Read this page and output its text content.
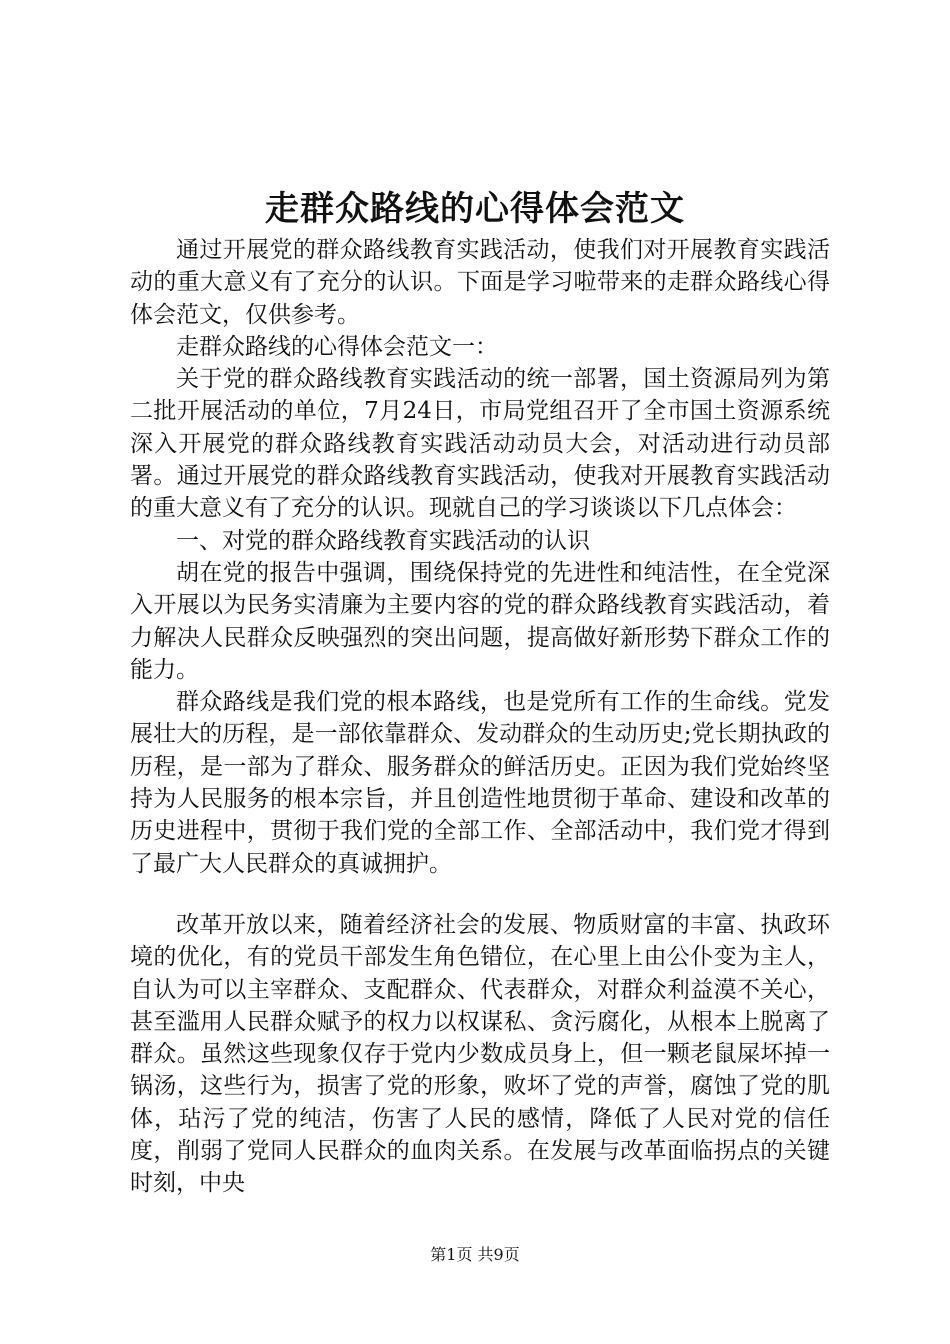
走群众路线的心得体会范文

通过开展党的群众路线教育实践活动，使我们对开展教育实践活动的重大意义有了充分的认识。下面是学习啦带来的走群众路线心得体会范文，仅供参考。

走群众路线的心得体会范文一：

关于党的群众路线教育实践活动的统一部署，国土资源局列为第二批开展活动的单位，7月24日，市局党组召开了全市国土资源系统深入开展党的群众路线教育实践活动动员大会，对活动进行动员部署。通过开展党的群众路线教育实践活动，使我对开展教育实践活动的重大意义有了充分的认识。现就自己的学习谈谈以下几点体会：

一、对党的群众路线教育实践活动的认识

胡在党的报告中强调，围绕保持党的先进性和纯洁性，在全党深入开展以为民务实清廉为主要内容的党的群众路线教育实践活动，着力解决人民群众反映强烈的突出问题，提高做好新形势下群众工作的能力。

群众路线是我们党的根本路线，也是党所有工作的生命线。党发展壮大的历程，是一部依靠群众、发动群众的生动历史;党长期执政的历程，是一部为了群众、服务群众的鲜活历史。正因为我们党始终坚持为人民服务的根本宗旨，并且创造性地贯彻于革命、建设和改革的历史进程中，贯彻于我们党的全部工作、全部活动中，我们党才得到了最广大人民群众的真诚拥护。

改革开放以来，随着经济社会的发展、物质财富的丰富、执政环境的优化，有的党员干部发生角色错位，在心里上由公仆变为主人，自认为可以主宰群众、支配群众、代表群众，对群众利益漠不关心，甚至滥用人民群众赋予的权力以权谋私、贪污腐化，从根本上脱离了群众。虽然这些现象仅存于党内少数成员身上，但一颗老鼠屎坏掉一锅汤，这些行为，损害了党的形象，败坏了党的声誉，腐蚀了党的肌体，玷污了党的纯洁，伤害了人民的感情，降低了人民对党的信任度，削弱了党同人民群众的血肉关系。在发展与改革面临拐点的关键时刻，中央

第1页 共9页
